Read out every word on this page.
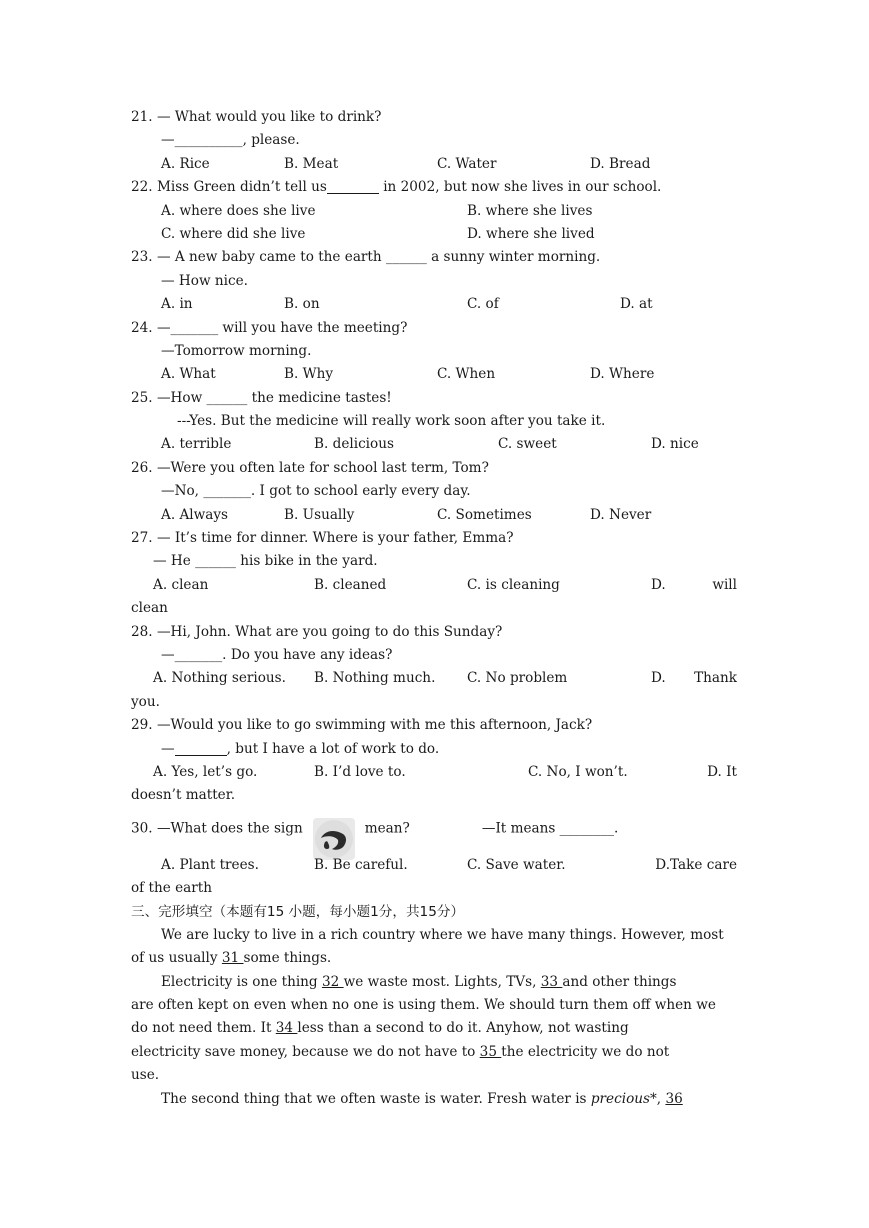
21. — What would you like to drink?
—__________, please.
A. Rice	B. Meat	C. Water	D. Bread
22. Miss Green didn’t tell us	in 2002, but now she lives in our school.
A. where does she live	B. where she lives
C. where did she live	D. where she lived
23. — A new baby came to the earth ______ a sunny winter morning.
— How nice.
A. in	B. on	C. of	D. at
24. —_______ will you have the meeting?
—Tomorrow morning.
A. What	B. Why	C. When	D. Where
25. —How ______ the medicine tastes!
---Yes. But the medicine will really work soon after you take it.
A. terrible	B. delicious	C. sweet	D. nice
26. —Were you often late for school last term, Tom?
—No, _______. I got to school early every day.
A. Always	B. Usually	C. Sometimes	D. Never
27. — It’s time for dinner. Where is your father, Emma?
— He ______ his bike in the yard.
A. clean	B. cleaned	C. is cleaning	D.	will
clean
28. —Hi, John. What are you going to do this Sunday?
—_______. Do you have any ideas?
A. Nothing serious. B. Nothing much. C. No problem	D. Thank
you.
29. —Would you like to go swimming with me this afternoon, Jack?
—	, but I have a lot of work to do.
A. Yes, let’s go.	B. I’d love to.	C. No, I won’t.	D. It
doesn’t matter.
30. —What does the sign	mean?	—It means ________.
A. Plant trees.	B. Be careful.	C. Save water.	D.Take care
of the earth
三、完形填空（本题有15 小题，每小题1分，共15分）
We are lucky to live in a rich country where we have many things. However, most
of us usually 31 some things.
Electricity is one thing 32 we waste most. Lights, TVs, 33 and other things
are often kept on even when no one is using them. We should turn them off when we
do not need them. It 34 less than a second to do it. Anyhow, not wasting
electricity save money, because we do not have to 35 the electricity we do not
use.
The second thing that we often waste is water. Fresh water is precious*, 36
